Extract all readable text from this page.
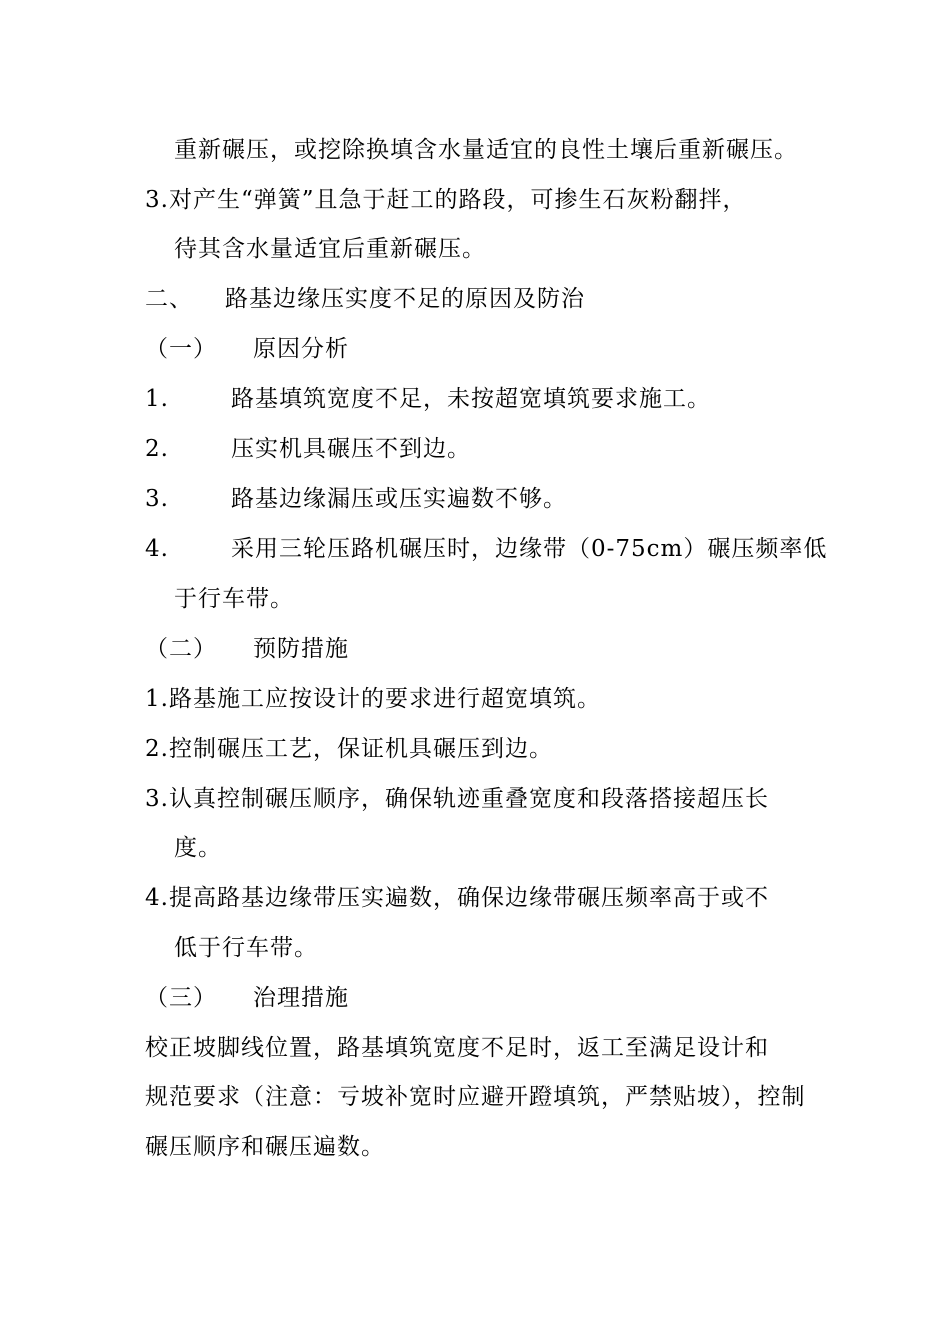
重新碾压，或挖除换填含水量适宜的良性土壤后重新碾压。
3.对产生“弹簧”且急于赶工的路段，可掺生石灰粉翻拌，
待其含水量适宜后重新碾压。
二、 路基边缘压实度不足的原因及防治
（一） 原因分析
1.	路基填筑宽度不足，未按超宽填筑要求施工。
2.	压实机具碾压不到边。
3.	路基边缘漏压或压实遍数不够。
4.	采用三轮压路机碾压时，边缘带（0-75cm）碾压频率低
于行车带。
（二） 预防措施
1.路基施工应按设计的要求进行超宽填筑。
2.控制碾压工艺，保证机具碾压到边。
3.认真控制碾压顺序，确保轨迹重叠宽度和段落搭接超压长
度。
4.提高路基边缘带压实遍数，确保边缘带碾压频率高于或不
低于行车带。
（三） 治理措施
校正坡脚线位置，路基填筑宽度不足时，返工至满足设计和
规范要求（注意：亏坡补宽时应避开蹬填筑，严禁贴坡），控制
碾压顺序和碾压遍数。
